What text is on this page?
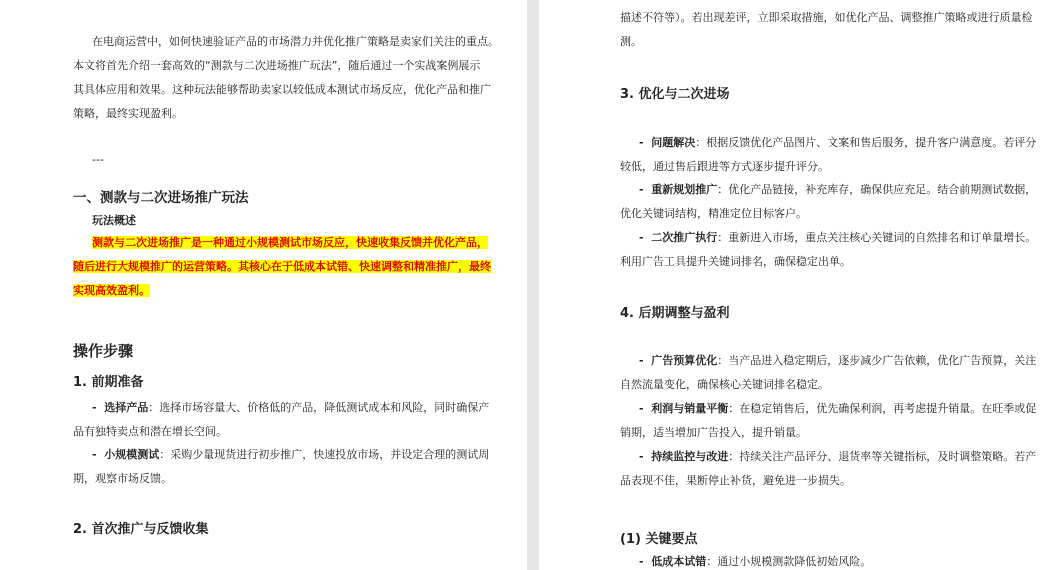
在电商运营中，如何快速验证产品的市场潜力并优化推广策略是卖家们关注的重点。
本文将首先介绍一套高效的“测款与二次进场推广玩法”，随后通过一个实战案例展示
其具体应用和效果。这种玩法能够帮助卖家以较低成本测试市场反应，优化产品和推广
策略，最终实现盈利。
---
一、测款与二次进场推广玩法
玩法概述
测款与二次进场推广是一种通过小规模测试市场反应，快速收集反馈并优化产品，
随后进行大规模推广的运营策略。其核心在于低成本试错、快速调整和精准推广，最终
实现高效盈利。
操作步骤
1. 前期准备
- 选择产品：选择市场容量大、价格低的产品，降低测试成本和风险，同时确保产
品有独特卖点和潜在增长空间。
- 小规模测试：采购少量现货进行初步推广，快速投放市场，并设定合理的测试周
期，观察市场反馈。
2. 首次推广与反馈收集
描述不符等）。若出现差评，立即采取措施，如优化产品、调整推广策略或进行质量检
测。
3. 优化与二次进场
- 问题解决：根据反馈优化产品图片、文案和售后服务，提升客户满意度。若评分
较低，通过售后跟进等方式逐步提升评分。
- 重新规划推广：优化产品链接，补充库存，确保供应充足。结合前期测试数据，
优化关键词结构，精准定位目标客户。
- 二次推广执行：重新进入市场，重点关注核心关键词的自然排名和订单量增长。
利用广告工具提升关键词排名，确保稳定出单。
4. 后期调整与盈利
- 广告预算优化：当产品进入稳定期后，逐步减少广告依赖，优化广告预算，关注
自然流量变化，确保核心关键词排名稳定。
- 利润与销量平衡：在稳定销售后，优先确保利润，再考虑提升销量。在旺季或促
销期，适当增加广告投入，提升销量。
- 持续监控与改进：持续关注产品评分、退货率等关键指标，及时调整策略。若产
品表现不佳，果断停止补货，避免进一步损失。
(1) 关键要点
- 低成本试错：通过小规模测款降低初始风险。
